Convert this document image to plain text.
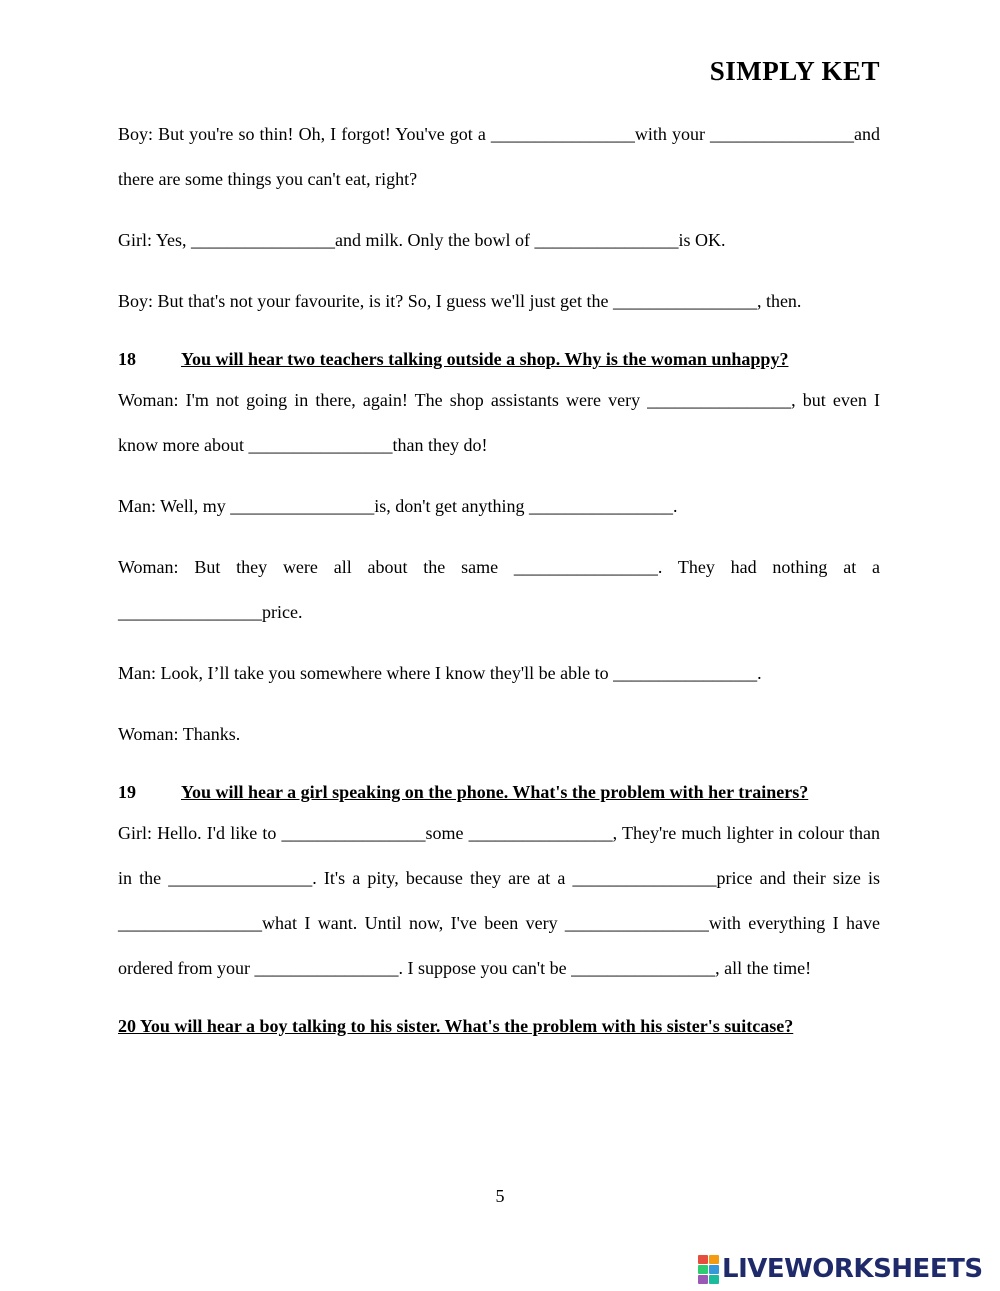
SIMPLY KET

Boy: But you're so thin! Oh, I forgot! You've got a ________________with your ________________and there are some things you can't eat, right?

Girl: Yes, ________________and milk. Only the bowl of ________________is OK.

Boy: But that's not your favourite, is it? So, I guess we'll just get the ________________, then.

18	You will hear two teachers talking outside a shop. Why is the woman unhappy?

Woman: I'm not going in there, again! The shop assistants were very ________________, but even I know more about ________________than they do!

Man: Well, my ________________is, don't get anything ________________.

Woman: But they were all about the same ________________. They had nothing at a ________________price.

Man: Look, I’ll take you somewhere where I know they'll be able to ________________.

Woman: Thanks.

19	You will hear a girl speaking on the phone. What's the problem with her trainers?

Girl: Hello. I'd like to ________________some ________________, They're much lighter in colour than in the ________________. It's a pity, because they are at a ________________price and their size is ________________what I want. Until now, I've been very ________________with everything I have ordered from your ________________. I suppose you can't be ________________, all the time!

20 You will hear a boy talking to his sister. What's the problem with his sister's suitcase?

5
LIVEWORKSHEETS
